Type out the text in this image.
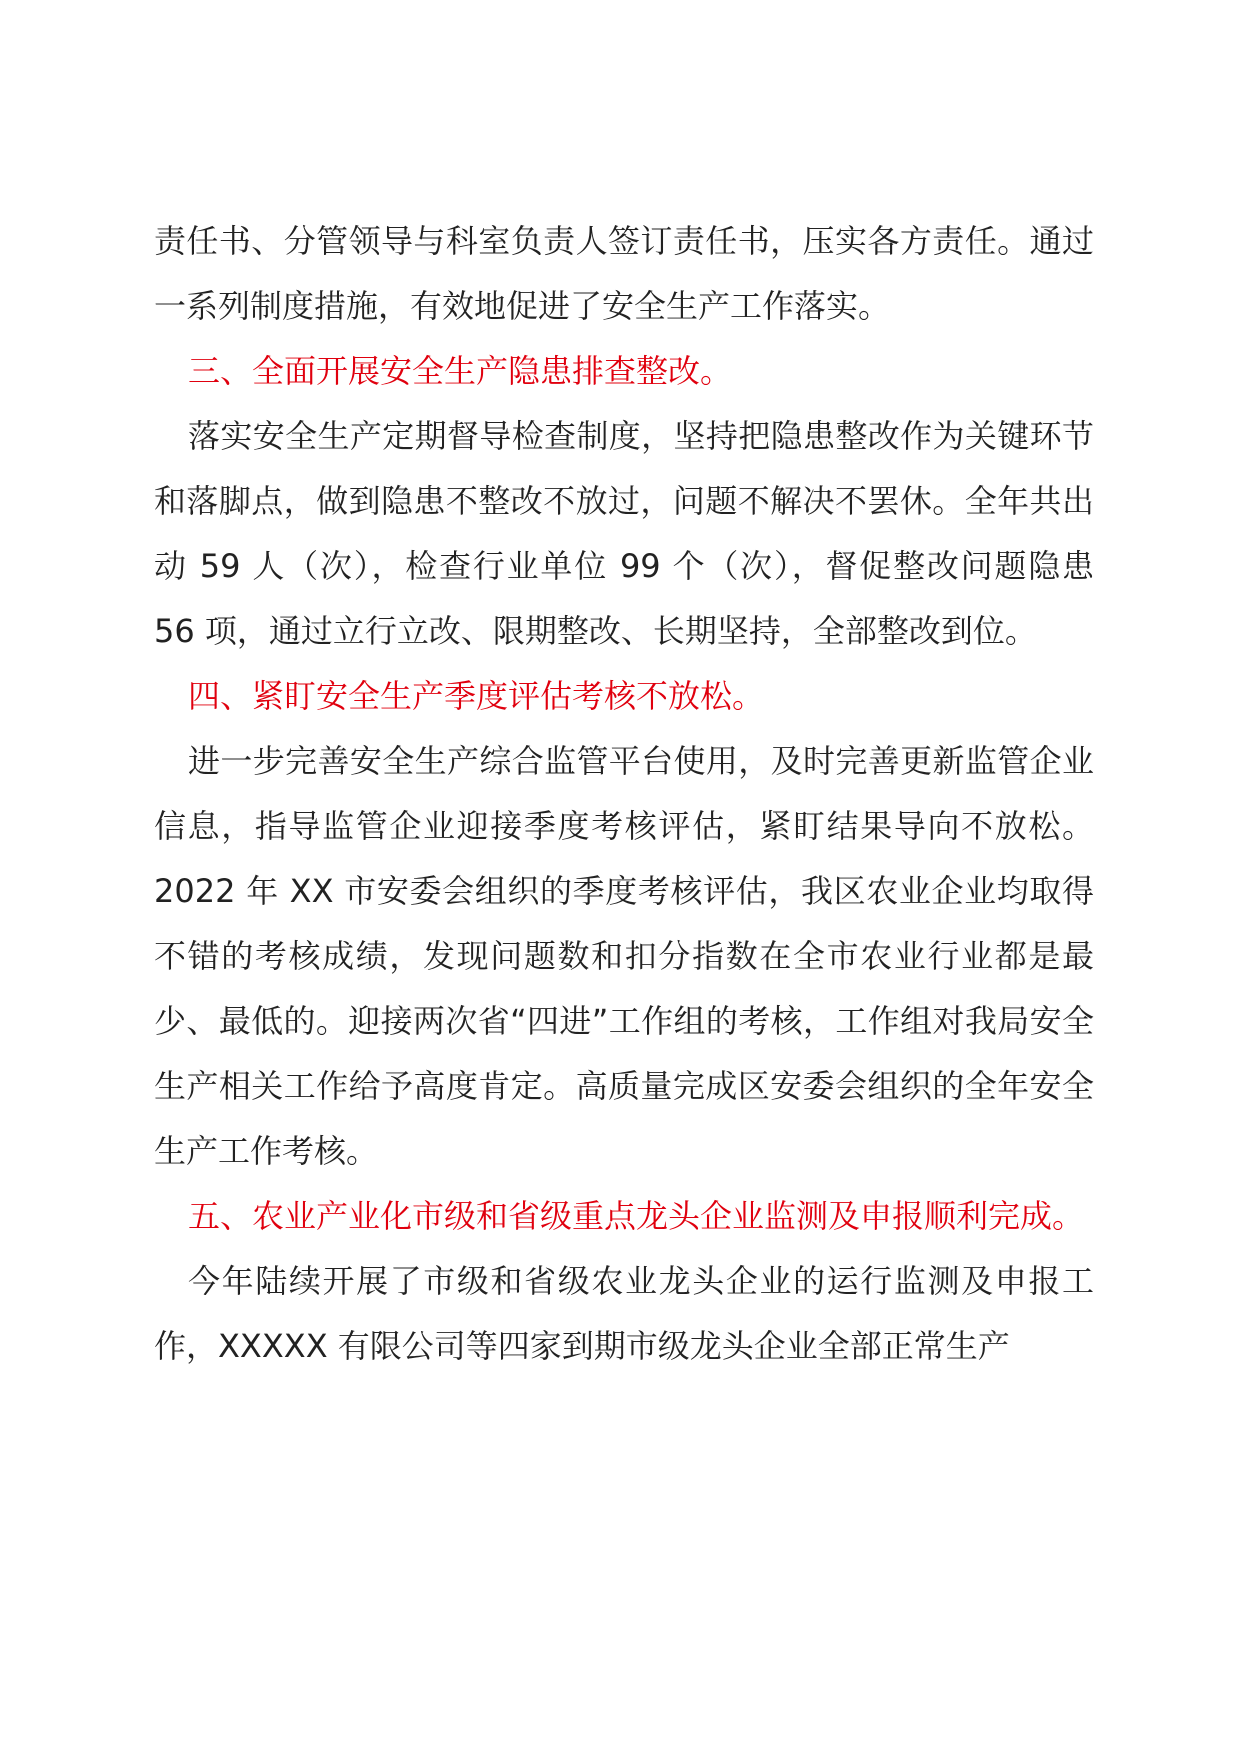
责任书、分管领导与科室负责人签订责任书，压实各方责任。通过一系列制度措施，有效地促进了安全生产工作落实。

三、全面开展安全生产隐患排查整改。

落实安全生产定期督导检查制度，坚持把隐患整改作为关键环节和落脚点，做到隐患不整改不放过，问题不解决不罢休。全年共出动 59 人（次），检查行业单位 99 个（次），督促整改问题隐患 56 项，通过立行立改、限期整改、长期坚持，全部整改到位。

四、紧盯安全生产季度评估考核不放松。

进一步完善安全生产综合监管平台使用，及时完善更新监管企业信息，指导监管企业迎接季度考核评估，紧盯结果导向不放松。2022 年 XX 市安委会组织的季度考核评估，我区农业企业均取得不错的考核成绩，发现问题数和扣分指数在全市农业行业都是最少、最低的。迎接两次省“四进”工作组的考核，工作组对我局安全生产相关工作给予高度肯定。高质量完成区安委会组织的全年安全生产工作考核。

五、农业产业化市级和省级重点龙头企业监测及申报顺利完成。

今年陆续开展了市级和省级农业龙头企业的运行监测及申报工作，XXXXX 有限公司等四家到期市级龙头企业全部正常生产
